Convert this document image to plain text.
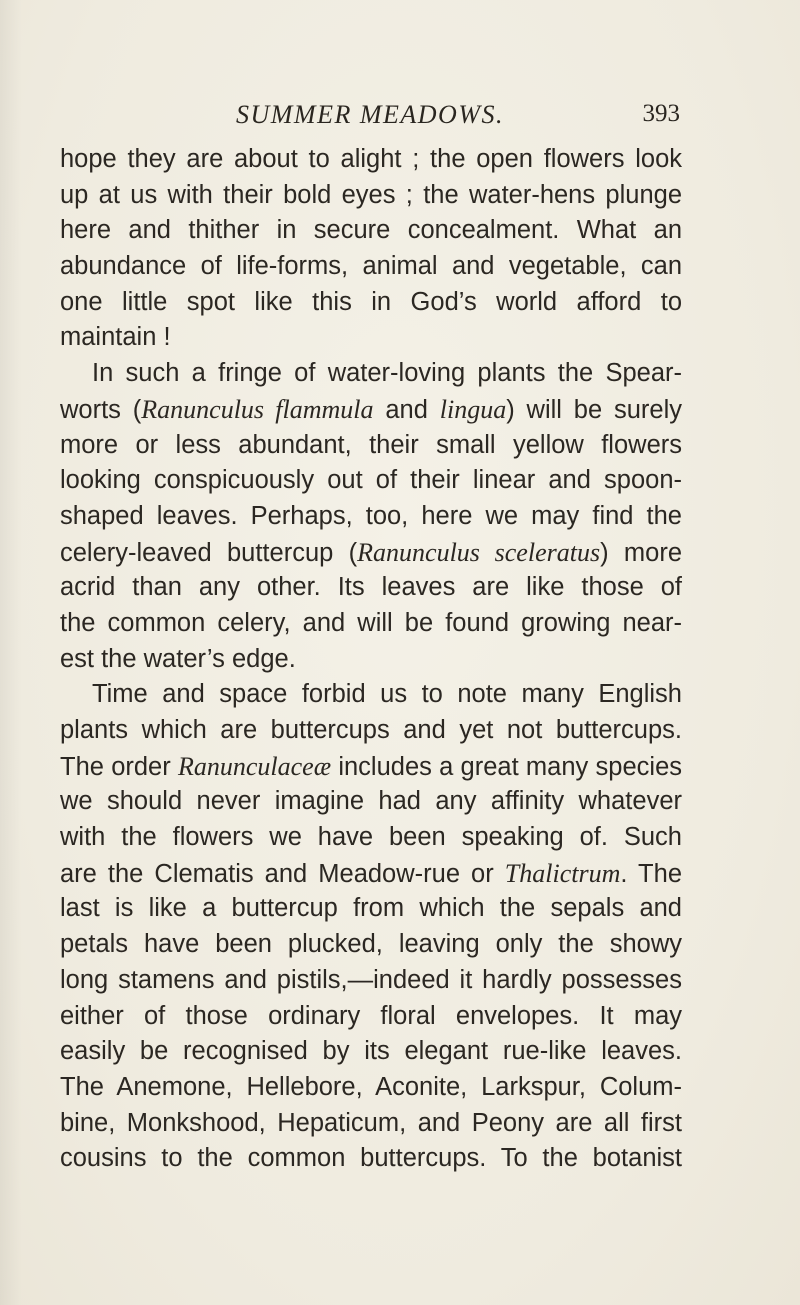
SUMMER MEADOWS.	393
hope they are about to alight ; the open flowers look
up at us with their bold eyes ; the water-hens plunge
here and thither in secure concealment. What an
abundance of life-forms, animal and vegetable, can
one little spot like this in God’s world afford to
maintain !
In such a fringe of water-loving plants the Spear-
worts (Ranunculus flammula and lingua) will be surely
more or less abundant, their small yellow flowers
looking conspicuously out of their linear and spoon-
shaped leaves. Perhaps, too, here we may find the
celery-leaved buttercup (Ranunculus sceleratus) more
acrid than any other. Its leaves are like those of
the common celery, and will be found growing near-
est the water’s edge.
Time and space forbid us to note many English
plants which are buttercups and yet not buttercups.
The order Ranunculaceæ includes a great many species
we should never imagine had any affinity whatever
with the flowers we have been speaking of. Such
are the Clematis and Meadow-rue or Thalictrum. The
last is like a buttercup from which the sepals and
petals have been plucked, leaving only the showy
long stamens and pistils,—indeed it hardly possesses
either of those ordinary floral envelopes. It may
easily be recognised by its elegant rue-like leaves.
The Anemone, Hellebore, Aconite, Larkspur, Colum-
bine, Monkshood, Hepaticum, and Peony are all first
cousins to the common buttercups. To the botanist
